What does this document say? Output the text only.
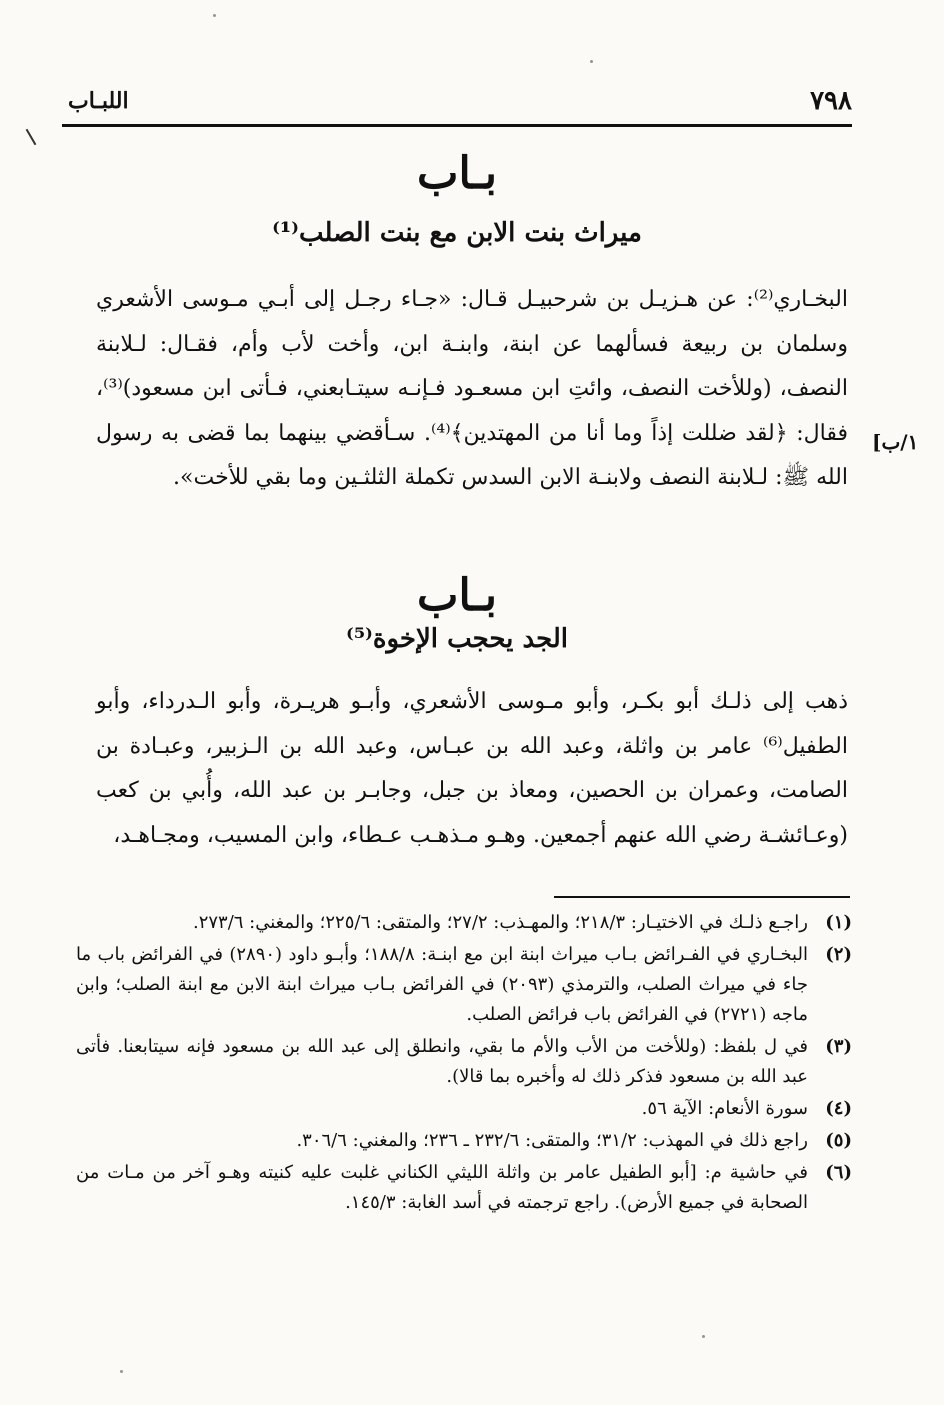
٧٩٨
اللبـاب
بـاب
ميراث بنت الابن مع بنت الصلب⁽¹⁾
البخـاري⁽²⁾: عن هـزيـل بن شرحبيـل قـال: «جـاء رجـل إلى أبـي مـوسى الأشعري وسلمان بن ربيعة فسألهما عن ابنة، وابنـة ابن، وأخت لأب وأم، فقـال: لـلابنة النصف، (وللأخت النصف، وائتِ ابن مسعـود فـإنـه سيتـابعني، فـأتى ابن مسعود)⁽³⁾، فقال: ﴿لقد ضللت إذاً وما أنا من المهتدين﴾⁽⁴⁾. سـأقضي بينهما بما قضى به رسول الله ﷺ: لـلابنة النصف ولابنـة الابن السدس تكملة الثلثـين وما بقي للأخت».
[١/ب
بـاب
الجد يحجب الإخوة⁽⁵⁾
ذهب إلى ذلـك أبو بكـر، وأبو مـوسى الأشعري، وأبـو هريـرة، وأبو الـدرداء، وأبو الطفيل⁽⁶⁾ عامر بن واثلة، وعبد الله بن عبـاس، وعبد الله بن الـزبير، وعبـادة بن الصامت، وعمران بن الحصين، ومعاذ بن جبل، وجابـر بن عبد الله، وأُبي بن كعب (وعـائشـة رضي الله عنهم أجمعين. وهـو مـذهـب عـطاء، وابن المسيب، ومجـاهـد،
(١)
راجـع ذلـك في الاختيـار: ٢١٨/٣؛ والمهـذب: ٢٧/٢؛ والمتقى: ٢٢٥/٦؛ والمغني: ٢٧٣/٦.
(٢)
البخـاري في الفـرائض بـاب ميراث ابنة ابن مع ابنـة: ١٨٨/٨؛ وأبـو داود (٢٨٩٠) في الفرائض باب ما جاء في ميراث الصلب، والترمذي (٢٠٩٣) في الفرائض بـاب ميراث ابنة الابن مع ابنة الصلب؛ وابن ماجه (٢٧٢١) في الفرائض باب فرائض الصلب.
(٣)
في ل بلفظ: (وللأخت من الأب والأم ما بقي، وانطلق إلى عبد الله بن مسعود فإنه سيتابعنا. فأتى عبد الله بن مسعود فذكر ذلك له وأخبره بما قالا).
(٤)
سورة الأنعام: الآية ٥٦.
(٥)
راجع ذلك في المهذب: ٣١/٢؛ والمتقى: ٢٣٢/٦ ـ ٢٣٦؛ والمغني: ٣٠٦/٦.
(٦)
في حاشية م: [أبو الطفيل عامر بن واثلة الليثي الكناني غلبت عليه كنيته وهـو آخر من مـات من الصحابة في جميع الأرض). راجع ترجمته في أسد الغابة: ١٤٥/٣.
